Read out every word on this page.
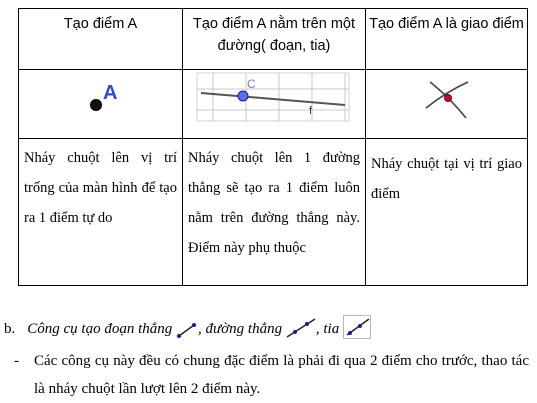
Tạo điểm A	Tạo điểm A nằm trên một đường( đoạn, tia)	Tạo điểm A là giao điểm

A	C
f

Nháy chuột lên vị trí trống của màn hình để tạo ra 1 điểm tự do	Nháy chuột lên 1 đường thẳng sẽ tạo ra 1 điểm luôn nằm trên đường thẳng này. Điểm này phụ thuộc	Nháy chuột tại vị trí giao điểm
b. Công cụ tạo đoạn thẳng , đường thẳng , tia
- Các công cụ này đều có chung đặc điểm là phải đi qua 2 điểm cho trước, thao tác là nháy chuột lần lượt lên 2 điểm này.
